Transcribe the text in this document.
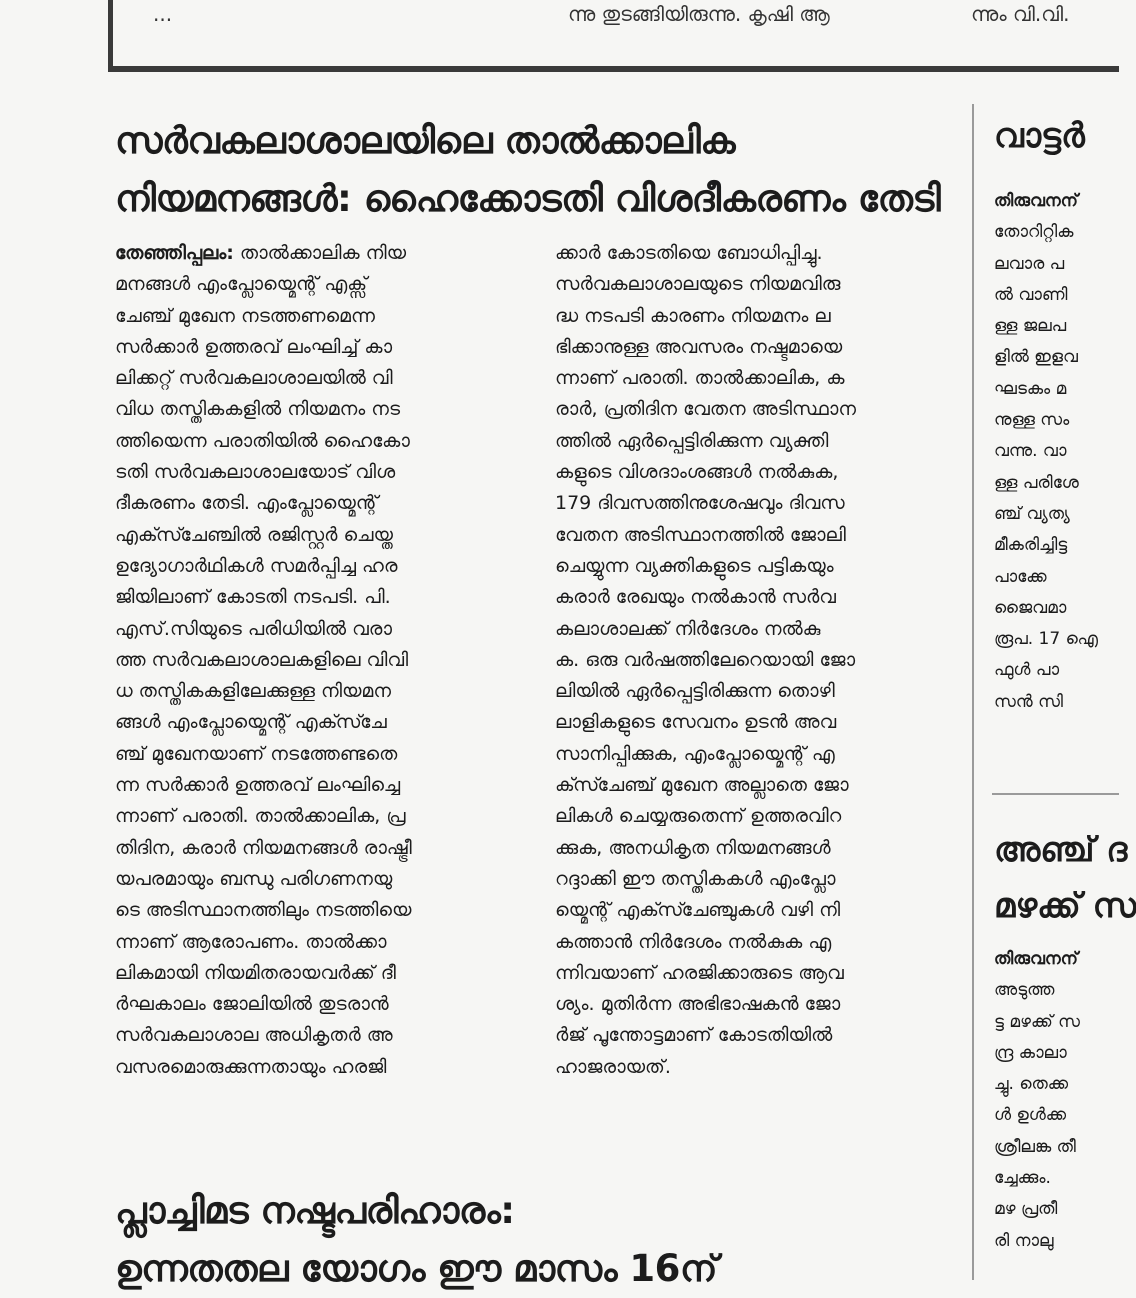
...	ന്നു തുടങ്ങിയിരുന്നു. കൃഷി ആ	ന്നും വി.വി.
സർവകലാശാലയിലെ താൽക്കാലിക
നിയമനങ്ങൾ: ഹൈക്കോടതി വിശദീകരണം തേടി
തേഞ്ഞിപ്പലം: താൽക്കാലിക നിയ
മനങ്ങൾ എംപ്ലോയ്മെന്റ് എക്സ്
ചേഞ്ച് മുഖേന നടത്തണമെന്ന
സർക്കാർ ഉത്തരവ് ലംഘിച്ച് കാ
ലിക്കറ്റ് സർവകലാശാലയിൽ വി
വിധ തസ്തികകളിൽ നിയമനം നട
ത്തിയെന്ന പരാതിയിൽ ഹൈകോ
ടതി സർവകലാശാലയോട് വിശ
ദീകരണം തേടി. എംപ്ലോയ്മെന്റ്
എക്സ്ചേഞ്ചിൽ രജിസ്റ്റർ ചെയ്ത
ഉദ്യോഗാർഥികൾ സമർപ്പിച്ച ഹര
ജിയിലാണ് കോടതി നടപടി. പി.
എസ്.സിയുടെ പരിധിയിൽ വരാ
ത്ത സർവകലാശാലകളിലെ വിവി
ധ തസ്തികകളിലേക്കുള്ള നിയമന
ങ്ങൾ എംപ്ലോയ്മെന്റ് എക്സ്ചേ
ഞ്ച് മുഖേനയാണ് നടത്തേണ്ടതെ
ന്ന സർക്കാർ ഉത്തരവ് ലംഘിച്ചെ
ന്നാണ് പരാതി. താൽക്കാലിക, പ്ര
തിദിന, കരാർ നിയമനങ്ങൾ രാഷ്ട്രീ
യപരമായും ബന്ധു പരിഗണനയു
ടെ അടിസ്ഥാനത്തിലും നടത്തിയെ
ന്നാണ് ആരോപണം. താൽക്കാ
ലികമായി നിയമിതരായവർക്ക് ദീ
ർഘകാലം ജോലിയിൽ തുടരാൻ
സർവകലാശാല അധികൃതർ അ
വസരമൊരുക്കുന്നതായും ഹരജി
ക്കാർ കോടതിയെ ബോധിപ്പിച്ചു.
സർവകലാശാലയുടെ നിയമവിരു
ദ്ധ നടപടി കാരണം നിയമനം ല
ഭിക്കാനുള്ള അവസരം നഷ്ടമായെ
ന്നാണ് പരാതി. താൽക്കാലിക, ക
രാർ, പ്രതിദിന വേതന അടിസ്ഥാന
ത്തിൽ ഏർപ്പെട്ടിരിക്കുന്ന വ്യക്തി
കളുടെ വിശദാംശങ്ങൾ നൽകുക,
179 ദിവസത്തിനുശേഷവും ദിവസ
വേതന അടിസ്ഥാനത്തിൽ ജോലി
ചെയ്യുന്ന വ്യക്തികളുടെ പട്ടികയും
കരാർ രേഖയും നൽകാൻ സർവ
കലാശാലക്ക് നിർദേശം നൽകു
ക. ഒരു വർഷത്തിലേറെയായി ജോ
ലിയിൽ ഏർപ്പെട്ടിരിക്കുന്ന തൊഴി
ലാളികളുടെ സേവനം ഉടൻ അവ
സാനിപ്പിക്കുക, എംപ്ലോയ്മെന്റ് എ
ക്സ്ചേഞ്ച് മുഖേന അല്ലാതെ ജോ
ലികൾ ചെയ്യരുതെന്ന് ഉത്തരവിറ
ക്കുക, അനധികൃത നിയമനങ്ങൾ
റദ്ദാക്കി ഈ തസ്തികകൾ എംപ്ലോ
യ്മെന്റ് എക്സ്ചേഞ്ചുകൾ വഴി നി
കത്താൻ നിർദേശം നൽകുക എ
ന്നിവയാണ് ഹരജിക്കാരുടെ ആവ
ശ്യം. മുതിർന്ന അഭിഭാഷകൻ ജോ
ർജ് പൂന്തോട്ടമാണ് കോടതിയിൽ
ഹാജരായത്.
പ്ലാച്ചിമട നഷ്ടപരിഹാരം:
ഉന്നതതല യോഗം ഈ മാസം 16ന്
വാട്ടർ
തിരുവനന്
തോറിറ്റിക
ലവാര പ
ൽ വാണി
ള്ള ജലപ
ളിൽ ഇളവ
ഘടകം മ
നുള്ള സം
വന്നു. വാ
ള്ള പരിശേ
ഞ്ച് വ്യത്യ
മീകരിച്ചിട്ട
പാക്കേ
ജൈവമാ
രൂപ. 17 ഐ
ഫുൾ പാ
സൻ സി
അഞ്ച് ദ
മഴക്ക് സ
തിരുവനന്
അടുത്ത
ട്ട മഴക്ക് സ
ന്ദ്ര കാലാ
ച്ചു. തെക്ക
ൾ ഉൾക്ക
ശ്രീലങ്ക തീ
ച്ചേക്കും.
മഴ പ്രതീ
രി നാലു
